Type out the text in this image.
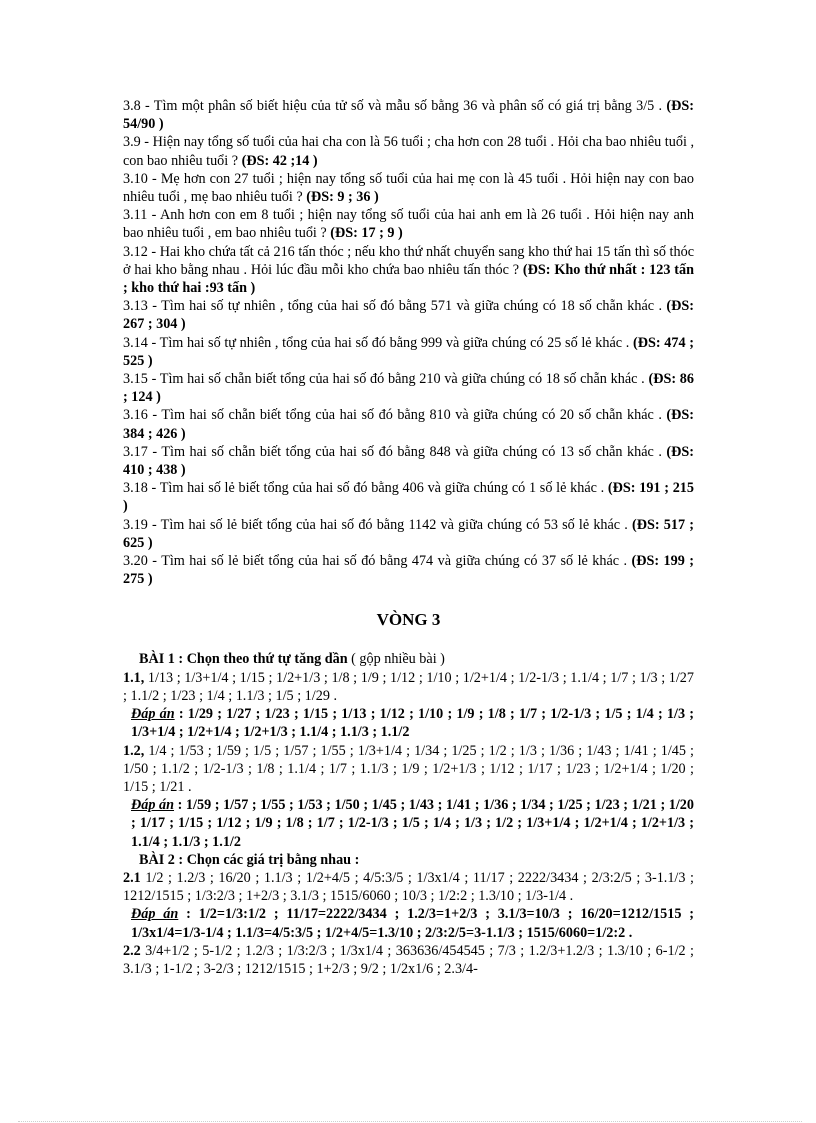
3.8 - Tìm một phân số biết hiệu của tử số và mẫu số bằng 36 và phân số có giá trị bằng 3/5 . (ĐS: 54/90 )

3.9 - Hiện nay tổng số tuổi của hai cha con là 56 tuổi ; cha hơn con 28 tuổi . Hỏi cha bao nhiêu tuổi , con bao nhiêu tuổi ? (ĐS: 42 ;14 )

3.10 - Mẹ hơn con 27 tuổi ; hiện nay tổng số tuổi của hai mẹ con là 45 tuổi . Hỏi hiện nay con bao nhiêu tuổi , mẹ bao nhiêu tuổi ? (ĐS: 9 ; 36 )

3.11 - Anh hơn con em 8 tuổi ; hiện nay tổng số tuổi của hai anh em là 26 tuổi . Hỏi hiện nay anh bao nhiêu tuổi , em bao nhiêu tuổi ? (ĐS: 17 ; 9 )

3.12 - Hai kho chứa tất cả 216 tấn thóc ; nếu kho thứ nhất chuyển sang kho thứ hai 15 tấn thì số thóc ở hai kho bằng nhau . Hỏi lúc đầu mỗi kho chứa bao nhiêu tấn thóc ? (ĐS: Kho thứ nhất : 123 tấn ; kho thứ hai :93 tấn )

3.13 - Tìm hai số tự nhiên , tổng của hai số đó bằng 571 và giữa chúng có 18 số chẵn khác . (ĐS: 267 ; 304 )

3.14 - Tìm hai số tự nhiên , tổng của hai số đó bằng 999 và giữa chúng có 25 số lẻ khác . (ĐS: 474 ; 525 )

3.15 - Tìm hai số chẵn biết tổng của hai số đó bằng 210 và giữa chúng có 18 số chẵn khác . (ĐS: 86 ; 124 )

3.16 - Tìm hai số chẵn biết tổng của hai số đó bằng 810 và giữa chúng có 20 số chẵn khác . (ĐS: 384 ; 426 )

3.17 - Tìm hai số chẵn biết tổng của hai số đó bằng 848 và giữa chúng có 13 số chẵn khác . (ĐS: 410 ; 438 )

3.18 - Tìm hai số lẻ biết tổng của hai số đó bằng 406 và giữa chúng có 1 số lẻ khác . (ĐS: 191 ; 215 )

3.19 - Tìm hai số lẻ biết tổng của hai số đó bằng 1142 và giữa chúng có 53 số lẻ khác . (ĐS: 517 ; 625 )

3.20 - Tìm hai số lẻ biết tổng của hai số đó bằng 474 và giữa chúng có 37 số lẻ khác . (ĐS: 199 ; 275 )

VÒNG 3

BÀI 1 : Chọn theo thứ tự tăng dần ( gộp nhiều bài )

1.1, 1/13 ; 1/3+1/4 ; 1/15 ; 1/2+1/3 ; 1/8 ; 1/9 ; 1/12 ; 1/10 ; 1/2+1/4 ; 1/2-1/3 ; 1.1/4 ; 1/7 ; 1/3 ; 1/27 ; 1.1/2 ; 1/23 ; 1/4 ; 1.1/3 ; 1/5 ; 1/29 .

Đáp án : 1/29 ; 1/27 ; 1/23 ; 1/15 ; 1/13 ; 1/12 ; 1/10 ; 1/9 ; 1/8 ; 1/7 ; 1/2-1/3 ; 1/5 ; 1/4 ; 1/3 ; 1/3+1/4 ; 1/2+1/4 ; 1/2+1/3 ; 1.1/4 ; 1.1/3 ; 1.1/2

1.2, 1/4 ; 1/53 ; 1/59 ; 1/5 ; 1/57 ; 1/55 ; 1/3+1/4 ; 1/34 ; 1/25 ; 1/2 ; 1/3 ; 1/36 ; 1/43 ; 1/41 ; 1/45 ; 1/50 ; 1.1/2 ; 1/2-1/3 ; 1/8 ; 1.1/4 ; 1/7 ; 1.1/3 ; 1/9 ; 1/2+1/3 ; 1/12 ; 1/17 ; 1/23 ; 1/2+1/4 ; 1/20 ; 1/15 ; 1/21 .

Đáp án : 1/59 ; 1/57 ; 1/55 ; 1/53 ; 1/50 ; 1/45 ; 1/43 ; 1/41 ; 1/36 ; 1/34 ; 1/25 ; 1/23 ; 1/21 ; 1/20 ; 1/17 ; 1/15 ; 1/12 ; 1/9 ; 1/8 ; 1/7 ; 1/2-1/3 ; 1/5 ; 1/4 ; 1/3 ; 1/2 ; 1/3+1/4 ; 1/2+1/4 ; 1/2+1/3 ; 1.1/4 ; 1.1/3 ; 1.1/2

BÀI 2 : Chọn các giá trị bằng nhau :

2.1 1/2 ; 1.2/3 ; 16/20 ; 1.1/3 ; 1/2+4/5 ; 4/5:3/5 ; 1/3x1/4 ; 11/17 ; 2222/3434 ; 2/3:2/5 ; 3-1.1/3 ; 1212/1515 ; 1/3:2/3 ; 1+2/3 ; 3.1/3 ; 1515/6060 ; 10/3 ; 1/2:2 ; 1.3/10 ; 1/3-1/4 .

Đáp án : 1/2=1/3:1/2 ; 11/17=2222/3434 ; 1.2/3=1+2/3 ; 3.1/3=10/3 ; 16/20=1212/1515 ; 1/3x1/4=1/3-1/4 ; 1.1/3=4/5:3/5 ; 1/2+4/5=1.3/10 ; 2/3:2/5=3-1.1/3 ; 1515/6060=1/2:2 .

2.2 3/4+1/2 ; 5-1/2 ; 1.2/3 ; 1/3:2/3 ; 1/3x1/4 ; 363636/454545 ; 7/3 ; 1.2/3+1.2/3 ; 1.3/10 ; 6-1/2 ; 3.1/3 ; 1-1/2 ; 3-2/3 ; 1212/1515 ; 1+2/3 ; 9/2 ; 1/2x1/6 ; 2.3/4-
